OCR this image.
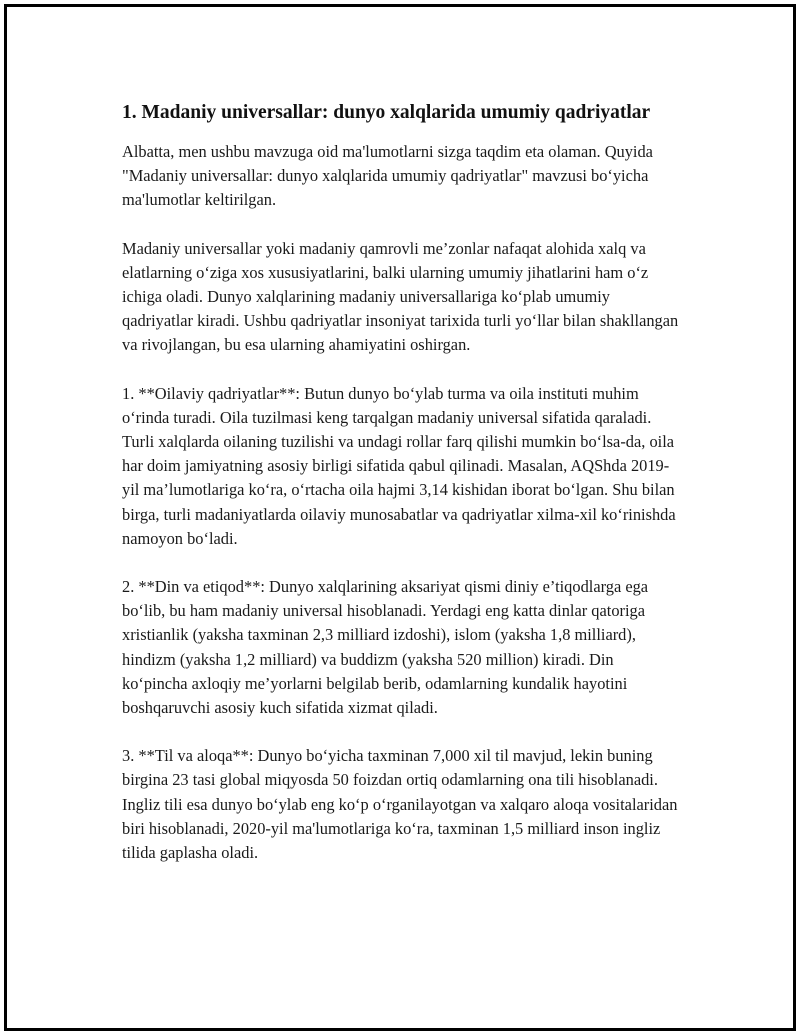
1. Madaniy universallar: dunyo xalqlarida umumiy qadriyatlar

Albatta, men ushbu mavzuga oid ma'lumotlarni sizga taqdim eta olaman. Quyida "Madaniy universallar: dunyo xalqlarida umumiy qadriyatlar" mavzusi bo‘yicha ma'lumotlar keltirilgan.

Madaniy universallar yoki madaniy qamrovli me’zonlar nafaqat alohida xalq va elatlarning o‘ziga xos xususiyatlarini, balki ularning umumiy jihatlarini ham o‘z ichiga oladi. Dunyo xalqlarining madaniy universallariga ko‘plab umumiy qadriyatlar kiradi. Ushbu qadriyatlar insoniyat tarixida turli yo‘llar bilan shakllangan va rivojlangan, bu esa ularning ahamiyatini oshirgan.

1. **Oilaviy qadriyatlar**: Butun dunyo bo‘ylab turma va oila instituti muhim o‘rinda turadi. Oila tuzilmasi keng tarqalgan madaniy universal sifatida qaraladi. Turli xalqlarda oilaning tuzilishi va undagi rollar farq qilishi mumkin bo‘lsa-da, oila har doim jamiyatning asosiy birligi sifatida qabul qilinadi. Masalan, AQShda 2019-yil ma’lumotlariga ko‘ra, o‘rtacha oila hajmi 3,14 kishidan iborat bo‘lgan. Shu bilan birga, turli madaniyatlarda oilaviy munosabatlar va qadriyatlar xilma-xil ko‘rinishda namoyon bo‘ladi.

2. **Din va etiqod**: Dunyo xalqlarining aksariyat qismi diniy e’tiqodlarga ega bo‘lib, bu ham madaniy universal hisoblanadi. Yerdagi eng katta dinlar qatoriga xristianlik (yaksha taxminan 2,3 milliard izdoshi), islom (yaksha 1,8 milliard), hindizm (yaksha 1,2 milliard) va buddizm (yaksha 520 million) kiradi. Din ko‘pincha axloqiy me’yorlarni belgilab berib, odamlarning kundalik hayotini boshqaruvchi asosiy kuch sifatida xizmat qiladi.

3. **Til va aloqa**: Dunyo bo‘yicha taxminan 7,000 xil til mavjud, lekin buning birgina 23 tasi global miqyosda 50 foizdan ortiq odamlarning ona tili hisoblanadi. Ingliz tili esa dunyo bo‘ylab eng ko‘p o‘rganilayotgan va xalqaro aloqa vositalaridan biri hisoblanadi, 2020-yil ma'lumotlariga ko‘ra, taxminan 1,5 milliard inson ingliz tilida gaplasha oladi.
